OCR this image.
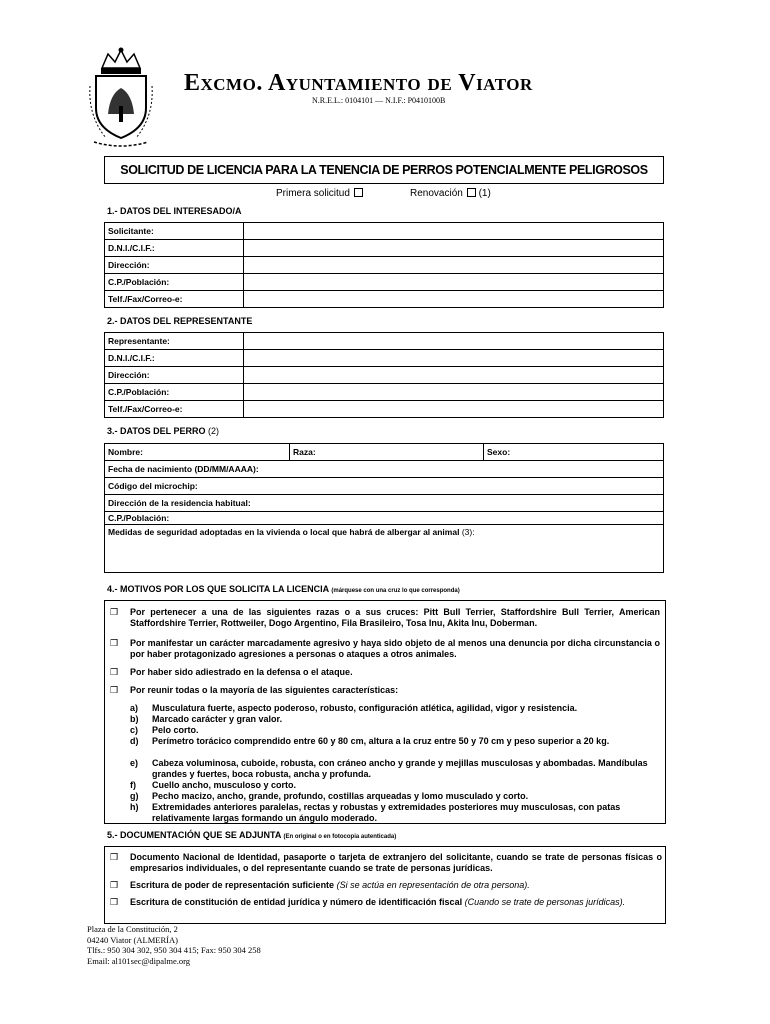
Excmo. Ayuntamiento de Viator
N.R.E.L.: 0104101 — N.I.F.: P0410100B
SOLICITUD DE LICENCIA PARA LA TENENCIA DE PERROS POTENCIALMENTE PELIGROSOS
Primera solicitud	Renovación (1)
1.- DATOS DEL INTERESADO/A
Solicitante:	
D.N.I./C.I.F.:	
Dirección:	
C.P./Población:	
Telf./Fax/Correo-e:	
2.- DATOS DEL REPRESENTANTE
Representante:	
D.N.I./C.I.F.:	
Dirección:	
C.P./Población:	
Telf./Fax/Correo-e:	
3.- DATOS DEL PERRO (2)
Nombre:	Raza:	Sexo:
Fecha de nacimiento (DD/MM/AAAA):
Código del microchip:
Dirección de la residencia habitual:
C.P./Población:
Medidas de seguridad adoptadas en la vivienda o local que habrá de albergar al animal (3):
4.- MOTIVOS POR LOS QUE SOLICITA LA LICENCIA (márquese con una cruz lo que corresponda)
❒ Por pertenecer a una de las siguientes razas o a sus cruces: Pitt Bull Terrier, Staffordshire Bull Terrier, American Staffordshire Terrier, Rottweiler, Dogo Argentino, Fila Brasileiro, Tosa Inu, Akita Inu, Doberman.
❒ Por manifestar un carácter marcadamente agresivo y haya sido objeto de al menos una denuncia por dicha circunstancia o por haber protagonizado agresiones a personas o ataques a otros animales.
❒ Por haber sido adiestrado en la defensa o el ataque.
❒ Por reunir todas o la mayoría de las siguientes características:
a) Musculatura fuerte, aspecto poderoso, robusto, configuración atlética, agilidad, vigor y resistencia.
b) Marcado carácter y gran valor.
c) Pelo corto.
d)	Perímetro torácico comprendido entre 60 y 80 cm, altura a la cruz entre 50 y 70 cm y peso superior a 20 kg.
e)	Cabeza voluminosa, cuboide, robusta, con cráneo ancho y grande y mejillas musculosas y abombadas. Mandíbulas grandes y fuertes, boca robusta, ancha y profunda.
f) Cuello ancho, musculoso y corto.
g) Pecho macizo, ancho, grande, profundo, costillas arqueadas y lomo musculado y corto.
h)	Extremidades anteriores paralelas, rectas y robustas y extremidades posteriores muy musculosas, con patas relativamente largas formando un ángulo moderado.
5.- DOCUMENTACIÓN QUE SE ADJUNTA (En original o en fotocopia autenticada)
❒ Documento Nacional de Identidad, pasaporte o tarjeta de extranjero del solicitante, cuando se trate de personas físicas o empresarios individuales, o del representante cuando se trate de personas jurídicas.
❒ Escritura de poder de representación suficiente (Si se actúa en representación de otra persona).
❒ Escritura de constitución de entidad jurídica y número de identificación fiscal (Cuando se trate de personas jurídicas).
Plaza de la Constitución, 2
04240 Viator (ALMERÍA)
Tlfs.: 950 304 302, 950 304 415; Fax: 950 304 258
Email: al101sec@dipalme.org
